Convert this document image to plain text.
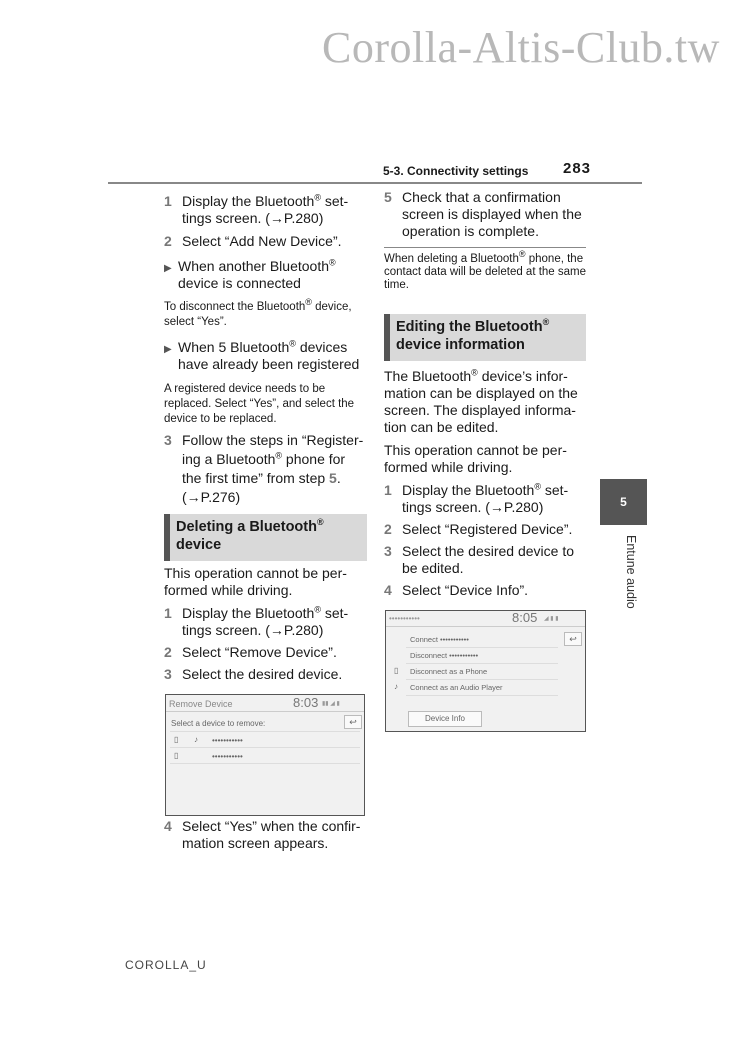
Corolla-Altis-Club.tw
5-3. Connectivity settings 283
1 Display the Bluetooth® set-tings screen. (→P.280)
2 Select “Add New Device”.
▶ When another Bluetooth® device is connected
To disconnect the Bluetooth® device, select “Yes”.
▶ When 5 Bluetooth® devices have already been registered
A registered device needs to be replaced. Select “Yes”, and select the device to be replaced.
3 Follow the steps in “Register-ing a Bluetooth® phone for the first time” from step 5. (→P.276)
Deleting a Bluetooth®
device
This operation cannot be per-formed while driving.
1 Display the Bluetooth® set-tings screen. (→P.280)
2 Select “Remove Device”.
3 Select the desired device.
Remove Device	8:03 ▮▮ ◢ ▮
Select a device to remove:	↩
▯ ♪ •••••••••••
▯	•••••••••••
4 Select “Yes” when the confir-mation screen appears.
5 Check that a confirmation screen is displayed when the operation is complete.
When deleting a Bluetooth® phone, the contact data will be deleted at the same time.
Editing the Bluetooth®
device information
The Bluetooth® device’s infor-mation can be displayed on the screen. The displayed informa-tion can be edited.
This operation cannot be per-formed while driving.
1 Display the Bluetooth® set-tings screen. (→P.280)
2 Select “Registered Device”.
3 Select the desired device to be edited.
4 Select “Device Info”.
•••••••••••	8:05 ◢ ▮ ▮
Connect •••••••••••	↩
Disconnect •••••••••••
▯ Disconnect as a Phone
♪ Connect as an Audio Player
Device Info
5
Entune audio
COROLLA_U
